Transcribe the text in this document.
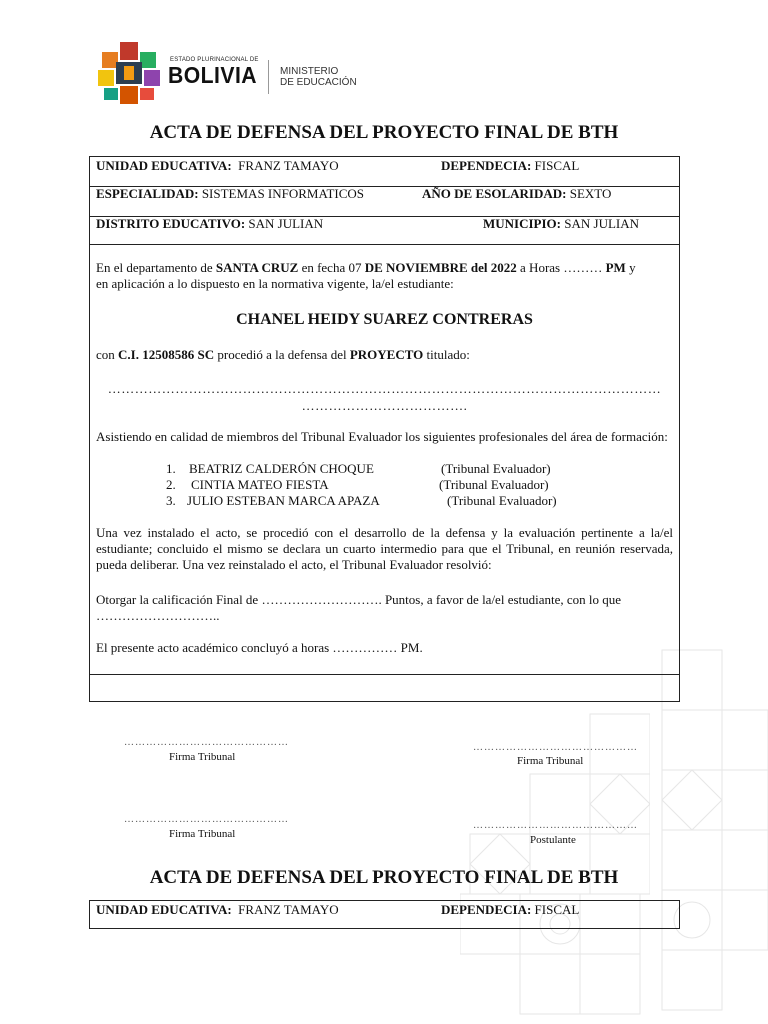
ESTADO PLURINACIONAL DE
BOLIVIA MINISTERIO
DE EDUCACIÓN
ACTA DE DEFENSA DEL PROYECTO FINAL DE BTH
UNIDAD EDUCATIVA: FRANZ TAMAYO	DEPENDECIA: FISCAL
ESPECIALIDAD: SISTEMAS INFORMATICOS	AÑO DE ESOLARIDAD: SEXTO
DISTRITO EDUCATIVO: SAN JULIAN	MUNICIPIO: SAN JULIAN
En el departamento de SANTA CRUZ en fecha 07 DE NOVIEMBRE del 2022 a Horas ……… PM y
en aplicación a lo dispuesto en la normativa vigente, la/el estudiante:
CHANEL HEIDY SUAREZ CONTRERAS
con C.I. 12508586 SC procedió a la defensa del PROYECTO titulado:
……………………………………………………………………………………………………………
……………………………….
Asistiendo en calidad de miembros del Tribunal Evaluador los siguientes profesionales del área de formación:
1. BEATRIZ CALDERÓN CHOQUE	(Tribunal Evaluador)
2. CINTIA MATEO FIESTA	(Tribunal Evaluador)
3. JULIO ESTEBAN MARCA APAZA	(Tribunal Evaluador)
Una vez instalado el acto, se procedió con el desarrollo de la defensa y la evaluación pertinente a la/el estudiante; concluido el mismo se declara un cuarto intermedio para que el Tribunal, en reunión reservada, pueda deliberar. Una vez reinstalado el acto, el Tribunal Evaluador resolvió:
Otorgar la calificación Final de ………………………. Puntos, a favor de la/el estudiante, con lo que
………………………..
El presente acto académico concluyó a horas …………… PM.
………………………………………
Firma Tribunal
………………………………………
Firma Tribunal
………………………………………
Firma Tribunal
………………………………………
Postulante
ACTA DE DEFENSA DEL PROYECTO FINAL DE BTH
UNIDAD EDUCATIVA: FRANZ TAMAYO	DEPENDECIA: FISCAL
